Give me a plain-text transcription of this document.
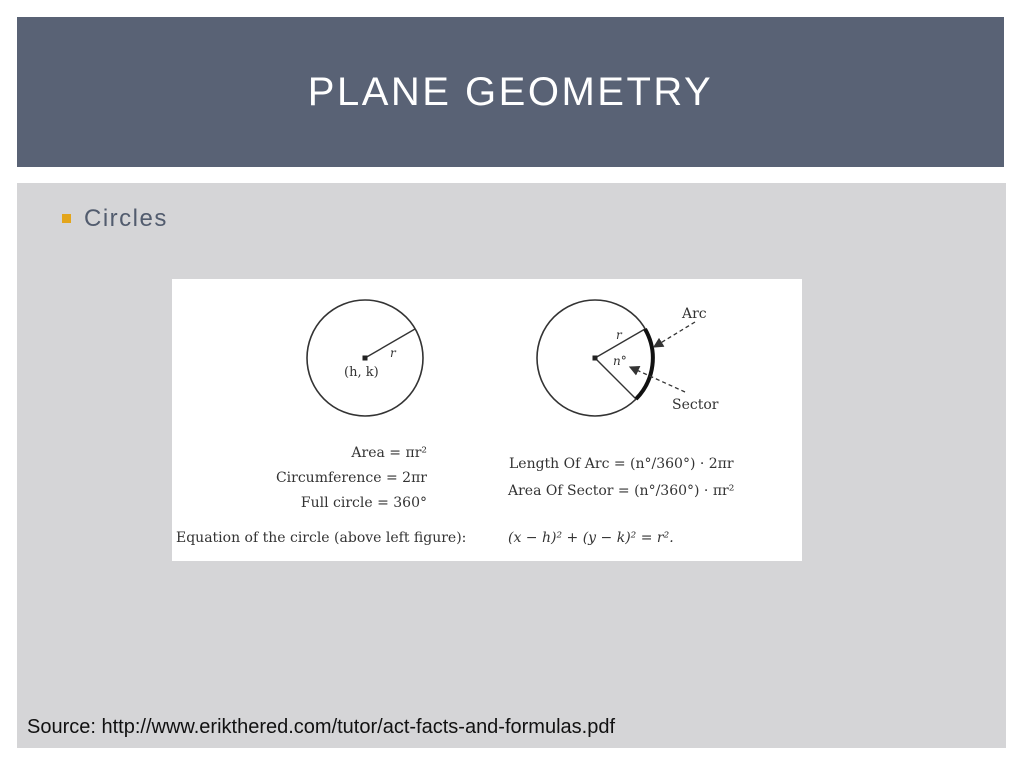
PLANE GEOMETRY
Circles
r
(h, k)
r
n°
Arc
Sector
Area = πr²
Circumference = 2πr
Full circle = 360°
Length Of Arc = (n°/360°) · 2πr
Area Of Sector = (n°/360°) · πr²
Equation of the circle (above left figure):	(x − h)² + (y − k)² = r².
Source: http://www.erikthered.com/tutor/act-facts-and-formulas.pdf
